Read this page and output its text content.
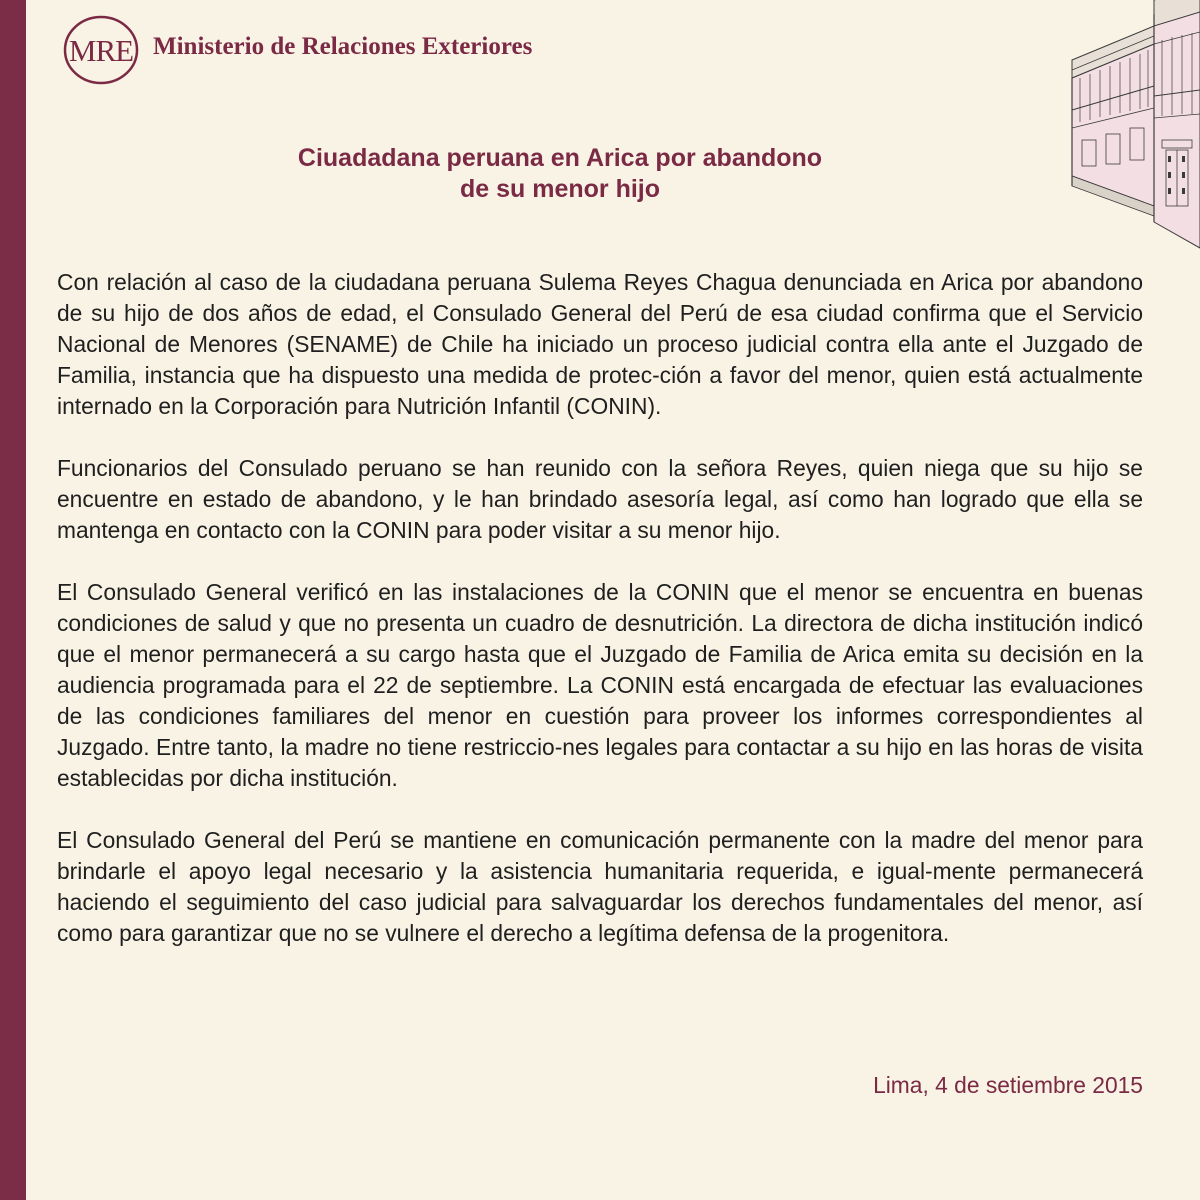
MRE Ministerio de Relaciones Exteriores
Ciuadadana peruana en Arica por abandono
de su menor hijo

Con relación al caso de la ciudadana peruana Sulema Reyes Chagua denunciada en Arica por abandono de su hijo de dos años de edad, el Consulado General del Perú de esa ciudad confirma que el Servicio Nacional de Menores (SENAME) de Chile ha iniciado un proceso judicial contra ella ante el Juzgado de Familia, instancia que ha dispuesto una medida de protec-ción a favor del menor, quien está actualmente internado en la Corporación para Nutrición Infantil (CONIN).

Funcionarios del Consulado peruano se han reunido con la señora Reyes, quien niega que su hijo se encuentre en estado de abandono, y le han brindado asesoría legal, así como han logrado que ella se mantenga en contacto con la CONIN para poder visitar a su menor hijo.

El Consulado General verificó en las instalaciones de la CONIN que el menor se encuentra en buenas condiciones de salud y que no presenta un cuadro de desnutrición. La directora de dicha institución indicó que el menor permanecerá a su cargo hasta que el Juzgado de Familia de Arica emita su decisión en la audiencia programada para el 22 de septiembre. La CONIN está encargada de efectuar las evaluaciones de las condiciones familiares del menor en cuestión para proveer los informes correspondientes al Juzgado. Entre tanto, la madre no tiene restriccio-nes legales para contactar a su hijo en las horas de visita establecidas por dicha institución.

El Consulado General del Perú se mantiene en comunicación permanente con la madre del menor para brindarle el apoyo legal necesario y la asistencia humanitaria requerida, e igual-mente permanecerá haciendo el seguimiento del caso judicial para salvaguardar los derechos fundamentales del menor, así como para garantizar que no se vulnere el derecho a legítima defensa de la progenitora.

Lima, 4 de setiembre 2015
